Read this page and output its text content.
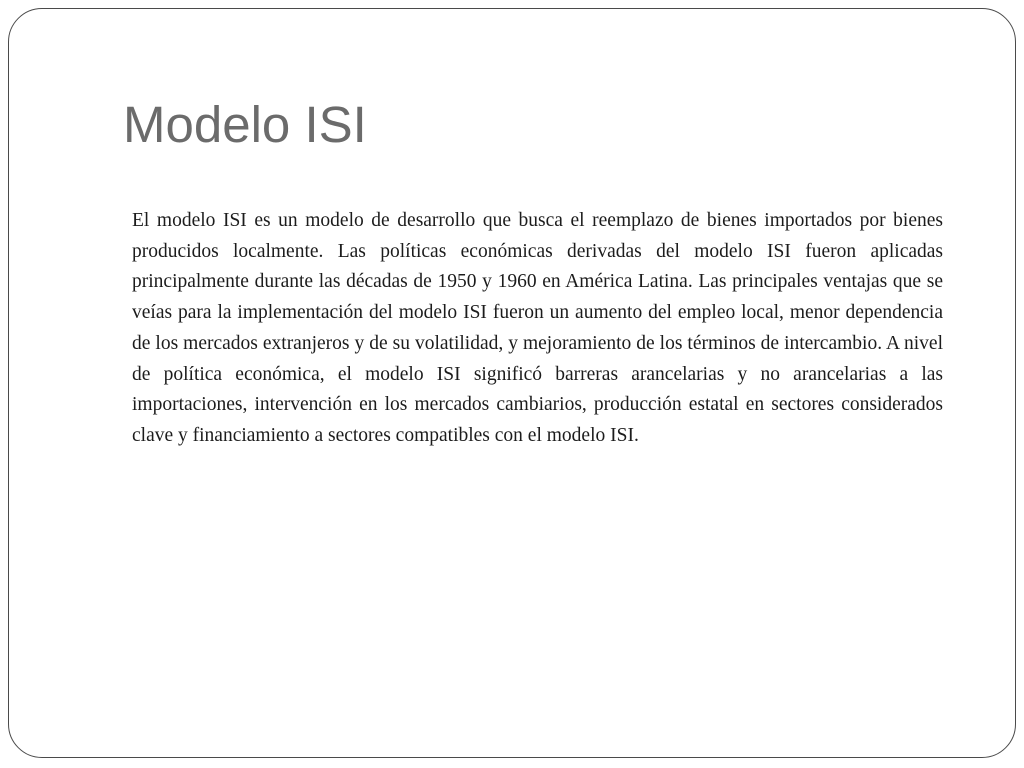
Modelo ISI

El modelo ISI es un modelo de desarrollo que busca el reemplazo de bienes importados por bienes producidos localmente. Las políticas económicas derivadas del modelo ISI fueron aplicadas principalmente durante las décadas de 1950 y 1960 en América Latina. Las principales ventajas que se veías para la implementación del modelo ISI fueron un aumento del empleo local, menor dependencia de los mercados extranjeros y de su volatilidad, y mejoramiento de los términos de intercambio. A nivel de política económica, el modelo ISI significó barreras arancelarias y no arancelarias a las importaciones, intervención en los mercados cambiarios, producción estatal en sectores considerados clave y financiamiento a sectores compatibles con el modelo ISI.
